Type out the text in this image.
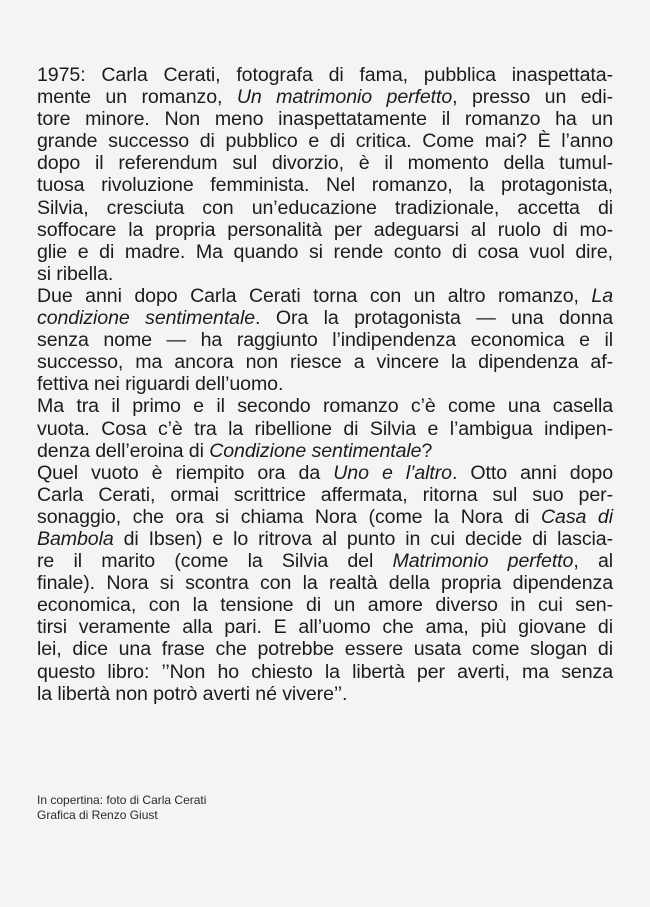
1975: Carla Cerati, fotografa di fama, pubblica inaspettata-
mente un romanzo, Un matrimonio perfetto, presso un edi-
tore minore. Non meno inaspettatamente il romanzo ha un
grande successo di pubblico e di critica. Come mai? È l’anno
dopo il referendum sul divorzio, è il momento della tumul-
tuosa rivoluzione femminista. Nel romanzo, la protagonista,
Silvia, cresciuta con un’educazione tradizionale, accetta di
soffocare la propria personalità per adeguarsi al ruolo di mo-
glie e di madre. Ma quando si rende conto di cosa vuol dire,
si ribella.

Due anni dopo Carla Cerati torna con un altro romanzo, La
condizione sentimentale. Ora la protagonista — una donna
senza nome — ha raggiunto l’indipendenza economica e il
successo, ma ancora non riesce a vincere la dipendenza af-
fettiva nei riguardi dell’uomo.

Ma tra il primo e il secondo romanzo c’è come una casella
vuota. Cosa c’è tra la ribellione di Silvia e l’ambigua indipen-
denza dell’eroina di Condizione sentimentale?

Quel vuoto è riempito ora da Uno e l’altro. Otto anni dopo
Carla Cerati, ormai scrittrice affermata, ritorna sul suo per-
sonaggio, che ora si chiama Nora (come la Nora di Casa di
Bambola di Ibsen) e lo ritrova al punto in cui decide di lascia-
re il marito (come la Silvia del Matrimonio perfetto, al
finale). Nora si scontra con la realtà della propria dipendenza
economica, con la tensione di un amore diverso in cui sen-
tirsi veramente alla pari. E all’uomo che ama, più giovane di
lei, dice una frase che potrebbe essere usata come slogan di
questo libro: ’’Non ho chiesto la libertà per averti, ma senza
la libertà non potrò averti né vivere’’.

In copertina: foto di Carla Cerati
Grafica di Renzo Giust
